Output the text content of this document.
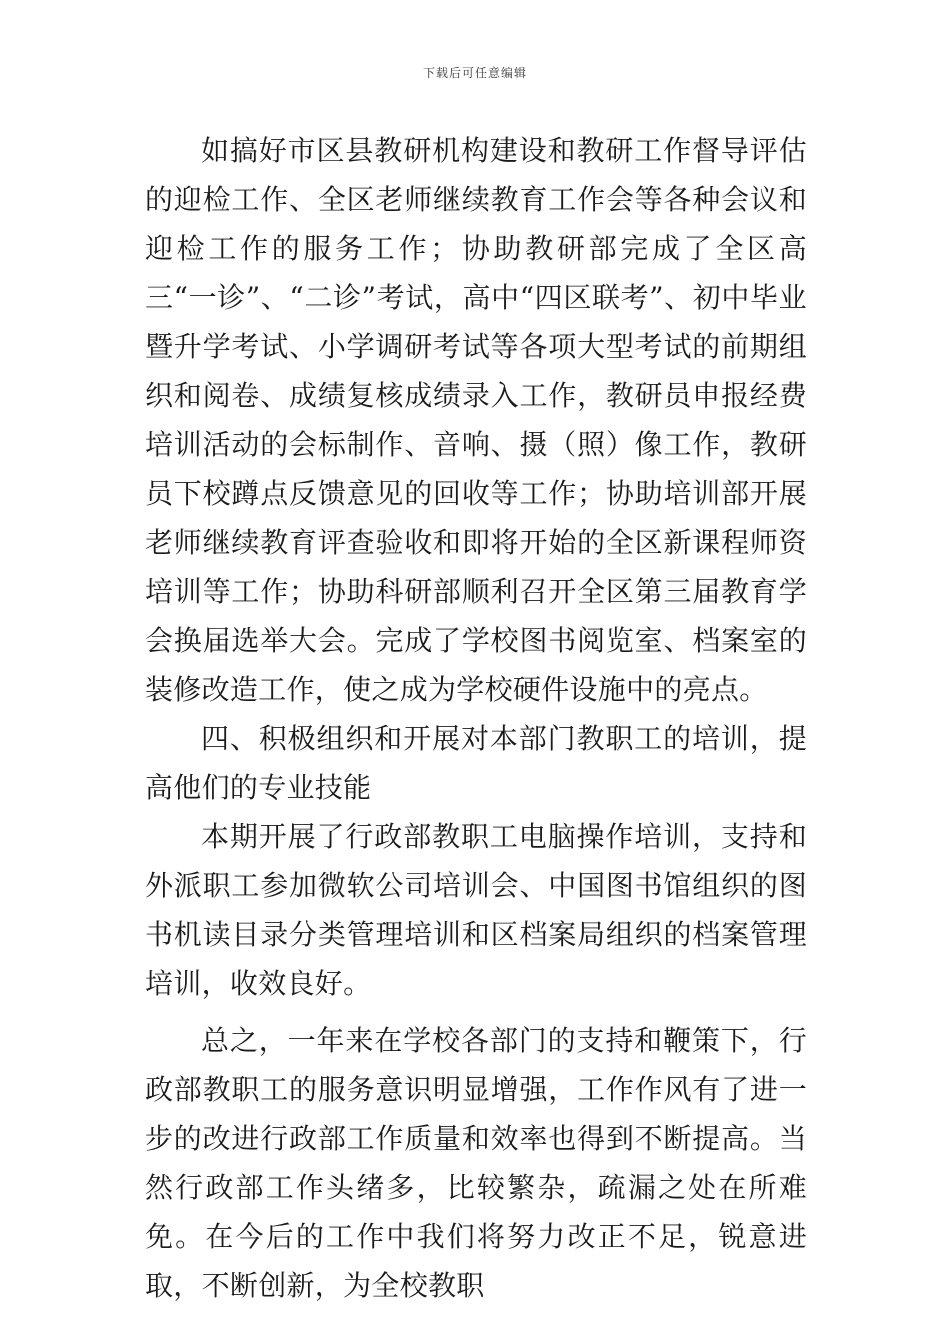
下载后可任意编辑

如搞好市区县教研机构建设和教研工作督导评估的迎检工作、全区老师继续教育工作会等各种会议和迎检工作的服务工作；协助教研部完成了全区高三“一诊”、“二诊”考试，高中“四区联考”、初中毕业暨升学考试、小学调研考试等各项大型考试的前期组织和阅卷、成绩复核成绩录入工作，教研员申报经费培训活动的会标制作、音响、摄（照）像工作，教研员下校蹲点反馈意见的回收等工作；协助培训部开展老师继续教育评查验收和即将开始的全区新课程师资培训等工作；协助科研部顺利召开全区第三届教育学会换届选举大会。完成了学校图书阅览室、档案室的装修改造工作，使之成为学校硬件设施中的亮点。

四、积极组织和开展对本部门教职工的培训，提高他们的专业技能

本期开展了行政部教职工电脑操作培训，支持和外派职工参加微软公司培训会、中国图书馆组织的图书机读目录分类管理培训和区档案局组织的档案管理培训，收效良好。

总之，一年来在学校各部门的支持和鞭策下，行政部教职工的服务意识明显增强，工作作风有了进一步的改进行政部工作质量和效率也得到不断提高。当然行政部工作头绪多，比较繁杂，疏漏之处在所难免。在今后的工作中我们将努力改正不足，锐意进取，不断创新，为全校教职
